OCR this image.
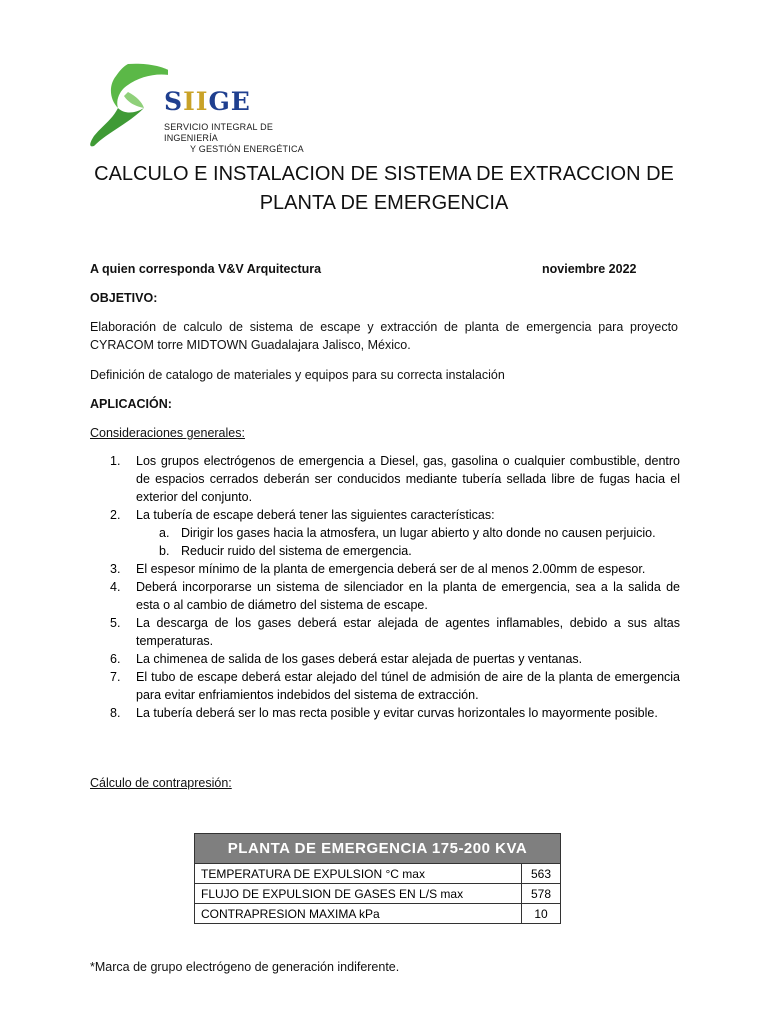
SIIGE
SERVICIO INTEGRAL DE INGENIERÍA
Y GESTIÓN ENERGÉTICA
CALCULO E INSTALACION DE SISTEMA DE EXTRACCION DE
PLANTA DE EMERGENCIA
A quien corresponda V&V Arquitectura	noviembre 2022
OBJETIVO:
Elaboración de calculo de sistema de escape y extracción de planta de emergencia para proyecto CYRACOM torre MIDTOWN Guadalajara Jalisco, México.
Definición de catalogo de materiales y equipos para su correcta instalación
APLICACIÓN:
Consideraciones generales:
1. Los grupos electrógenos de emergencia a Diesel, gas, gasolina o cualquier combustible, dentro de espacios cerrados deberán ser conducidos mediante tubería sellada libre de fugas hacia el exterior del conjunto.
2. La tubería de escape deberá tener las siguientes características:
a. Dirigir los gases hacia la atmosfera, un lugar abierto y alto donde no causen perjuicio.
b. Reducir ruido del sistema de emergencia.
3. El espesor mínimo de la planta de emergencia deberá ser de al menos 2.00mm de espesor.
4. Deberá incorporarse un sistema de silenciador en la planta de emergencia, sea a la salida de esta o al cambio de diámetro del sistema de escape.
5. La descarga de los gases deberá estar alejada de agentes inflamables, debido a sus altas temperaturas.
6. La chimenea de salida de los gases deberá estar alejada de puertas y ventanas.
7. El tubo de escape deberá estar alejado del túnel de admisión de aire de la planta de emergencia para evitar enfriamientos indebidos del sistema de extracción.
8. La tubería deberá ser lo mas recta posible y evitar curvas horizontales lo mayormente posible.
Cálculo de contrapresión:
PLANTA DE EMERGENCIA 175-200 KVA	
TEMPERATURA DE EXPULSION °C max	563
FLUJO DE EXPULSION DE GASES EN L/S max	578
CONTRAPRESION MAXIMA kPa	10
*Marca de grupo electrógeno de generación indiferente.
